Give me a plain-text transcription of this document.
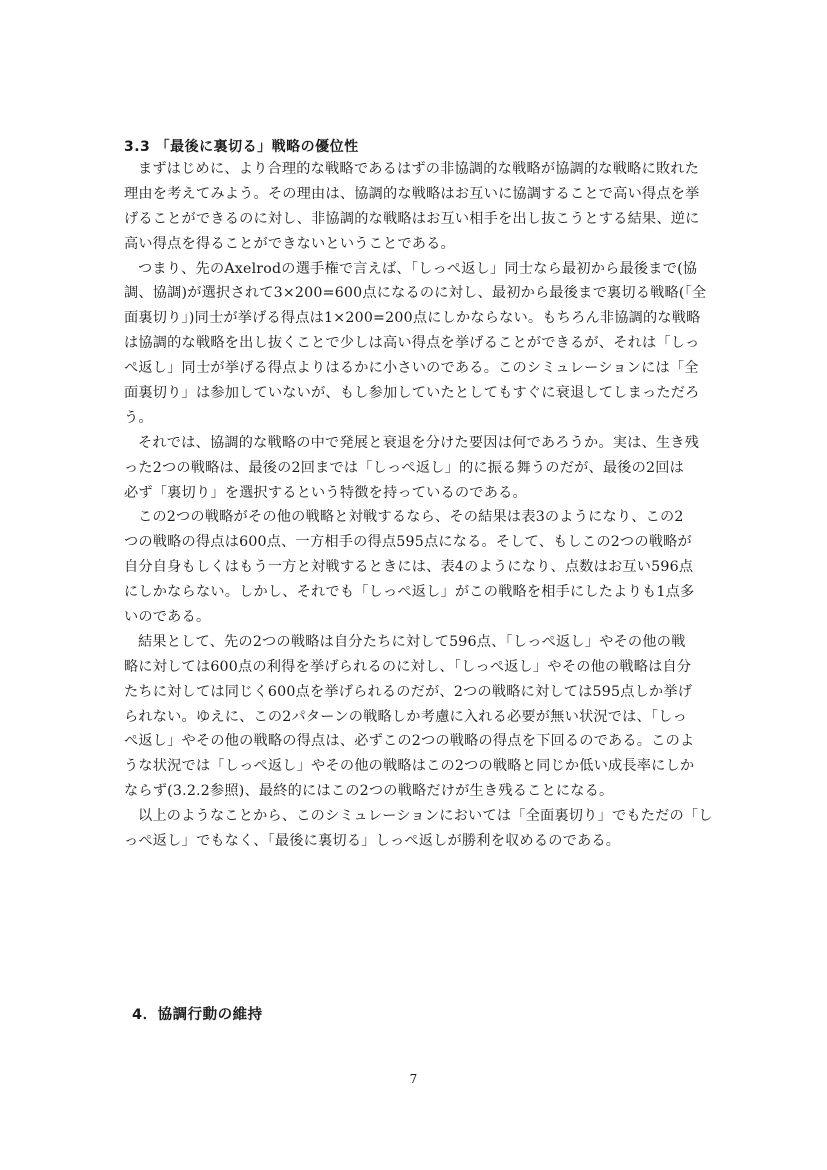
3.3 「最後に裏切る」戦略の優位性
まずはじめに、より合理的な戦略であるはずの非協調的な戦略が協調的な戦略に敗れた
理由を考えてみよう。その理由は、協調的な戦略はお互いに協調することで高い得点を挙
げることができるのに対し、非協調的な戦略はお互い相手を出し抜こうとする結果、逆に
高い得点を得ることができないということである。
つまり、先のAxelrodの選手権で言えば、「しっぺ返し」同士なら最初から最後まで(協
調、協調)が選択されて3×200=600点になるのに対し、最初から最後まで裏切る戦略(「全
面裏切り」)同士が挙げる得点は1×200=200点にしかならない。もちろん非協調的な戦略
は協調的な戦略を出し抜くことで少しは高い得点を挙げることができるが、それは「しっ
ぺ返し」同士が挙げる得点よりはるかに小さいのである。このシミュレーションには「全
面裏切り」は参加していないが、もし参加していたとしてもすぐに衰退してしまっただろ
う。
それでは、協調的な戦略の中で発展と衰退を分けた要因は何であろうか。実は、生き残
った2つの戦略は、最後の2回までは「しっぺ返し」的に振る舞うのだが、最後の2回は
必ず「裏切り」を選択するという特徴を持っているのである。
この2つの戦略がその他の戦略と対戦するなら、その結果は表3のようになり、この2
つの戦略の得点は600点、一方相手の得点595点になる。そして、もしこの2つの戦略が
自分自身もしくはもう一方と対戦するときには、表4のようになり、点数はお互い596点
にしかならない。しかし、それでも「しっぺ返し」がこの戦略を相手にしたよりも1点多
いのである。
結果として、先の2つの戦略は自分たちに対して596点、「しっぺ返し」やその他の戦
略に対しては600点の利得を挙げられるのに対し、「しっぺ返し」やその他の戦略は自分
たちに対しては同じく600点を挙げられるのだが、2つの戦略に対しては595点しか挙げ
られない。ゆえに、この2パターンの戦略しか考慮に入れる必要が無い状況では、「しっ
ぺ返し」やその他の戦略の得点は、必ずこの2つの戦略の得点を下回るのである。このよ
うな状況では「しっぺ返し」やその他の戦略はこの2つの戦略と同じか低い成長率にしか
ならず(3.2.2参照)、最終的にはこの2つの戦略だけが生き残ることになる。
以上のようなことから、このシミュレーションにおいては「全面裏切り」でもただの「し
っぺ返し」でもなく、「最後に裏切る」しっぺ返しが勝利を収めるのである。
4．協調行動の維持
7
